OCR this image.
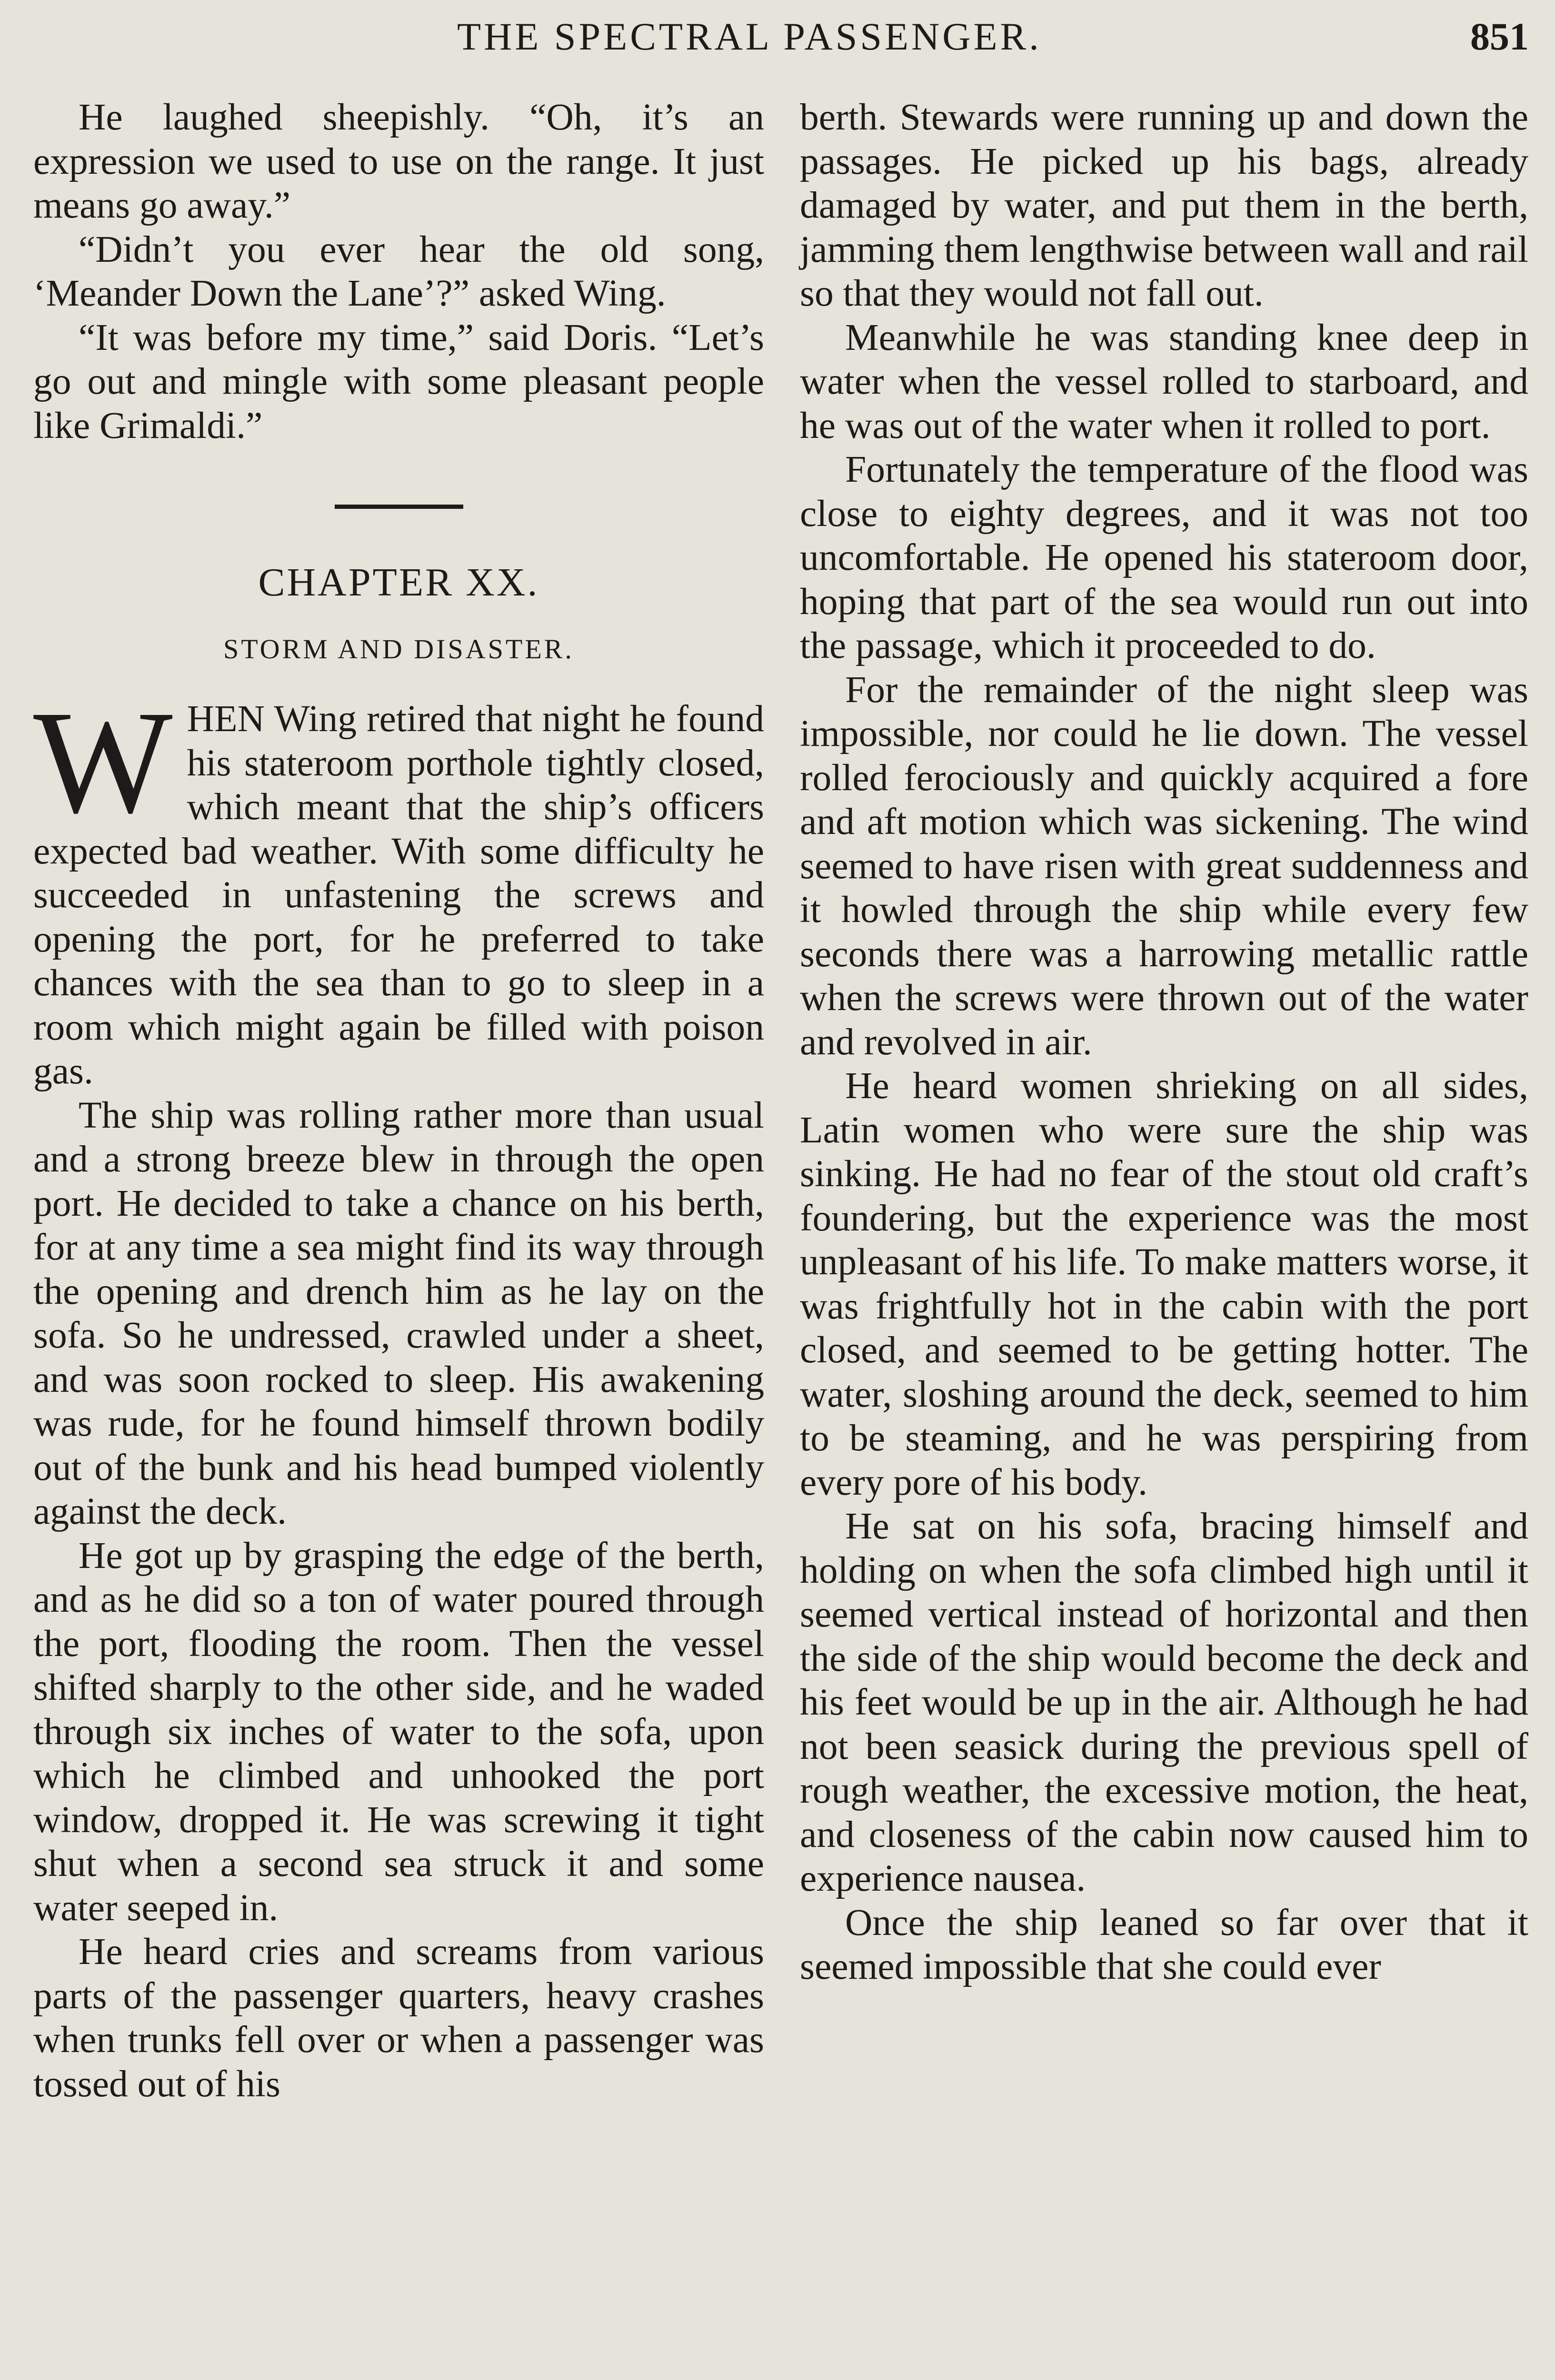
THE SPECTRAL PASSENGER.	851

He laughed sheepishly. “Oh, it’s an expression we used to use on the range. It just means go away.”

“Didn’t you ever hear the old song, ‘Meander Down the Lane’?” asked Wing.

“It was before my time,” said Doris. “Let’s go out and mingle with some pleasant people like Grimaldi.”

CHAPTER XX.
STORM AND DISASTER.

WHEN Wing retired that night he found his stateroom porthole tightly closed, which meant that the ship’s officers expected bad weather. With some difficulty he succeeded in unfastening the screws and opening the port, for he preferred to take chances with the sea than to go to sleep in a room which might again be filled with poison gas.

The ship was rolling rather more than usual and a strong breeze blew in through the open port. He decided to take a chance on his berth, for at any time a sea might find its way through the opening and drench him as he lay on the sofa. So he undressed, crawled under a sheet, and was soon rocked to sleep. His awakening was rude, for he found himself thrown bodily out of the bunk and his head bumped violently against the deck.

He got up by grasping the edge of the berth, and as he did so a ton of water poured through the port, flooding the room. Then the vessel shifted sharply to the other side, and he waded through six inches of water to the sofa, upon which he climbed and unhooked the port window, dropped it. He was screwing it tight shut when a second sea struck it and some water seeped in.

He heard cries and screams from various parts of the passenger quarters, heavy crashes when trunks fell over or when a passenger was tossed out of his

berth. Stewards were running up and down the passages. He picked up his bags, already damaged by water, and put them in the berth, jamming them lengthwise between wall and rail so that they would not fall out.

Meanwhile he was standing knee deep in water when the vessel rolled to starboard, and he was out of the water when it rolled to port.

Fortunately the temperature of the flood was close to eighty degrees, and it was not too uncomfortable. He opened his stateroom door, hoping that part of the sea would run out into the passage, which it proceeded to do.

For the remainder of the night sleep was impossible, nor could he lie down. The vessel rolled ferociously and quickly acquired a fore and aft motion which was sickening. The wind seemed to have risen with great suddenness and it howled through the ship while every few seconds there was a harrowing metallic rattle when the screws were thrown out of the water and revolved in air.

He heard women shrieking on all sides, Latin women who were sure the ship was sinking. He had no fear of the stout old craft’s foundering, but the experience was the most unpleasant of his life. To make matters worse, it was frightfully hot in the cabin with the port closed, and seemed to be getting hotter. The water, sloshing around the deck, seemed to him to be steaming, and he was perspiring from every pore of his body.

He sat on his sofa, bracing himself and holding on when the sofa climbed high until it seemed vertical instead of horizontal and then the side of the ship would become the deck and his feet would be up in the air. Although he had not been seasick during the previous spell of rough weather, the excessive motion, the heat, and closeness of the cabin now caused him to experience nausea.

Once the ship leaned so far over that it seemed impossible that she could ever
